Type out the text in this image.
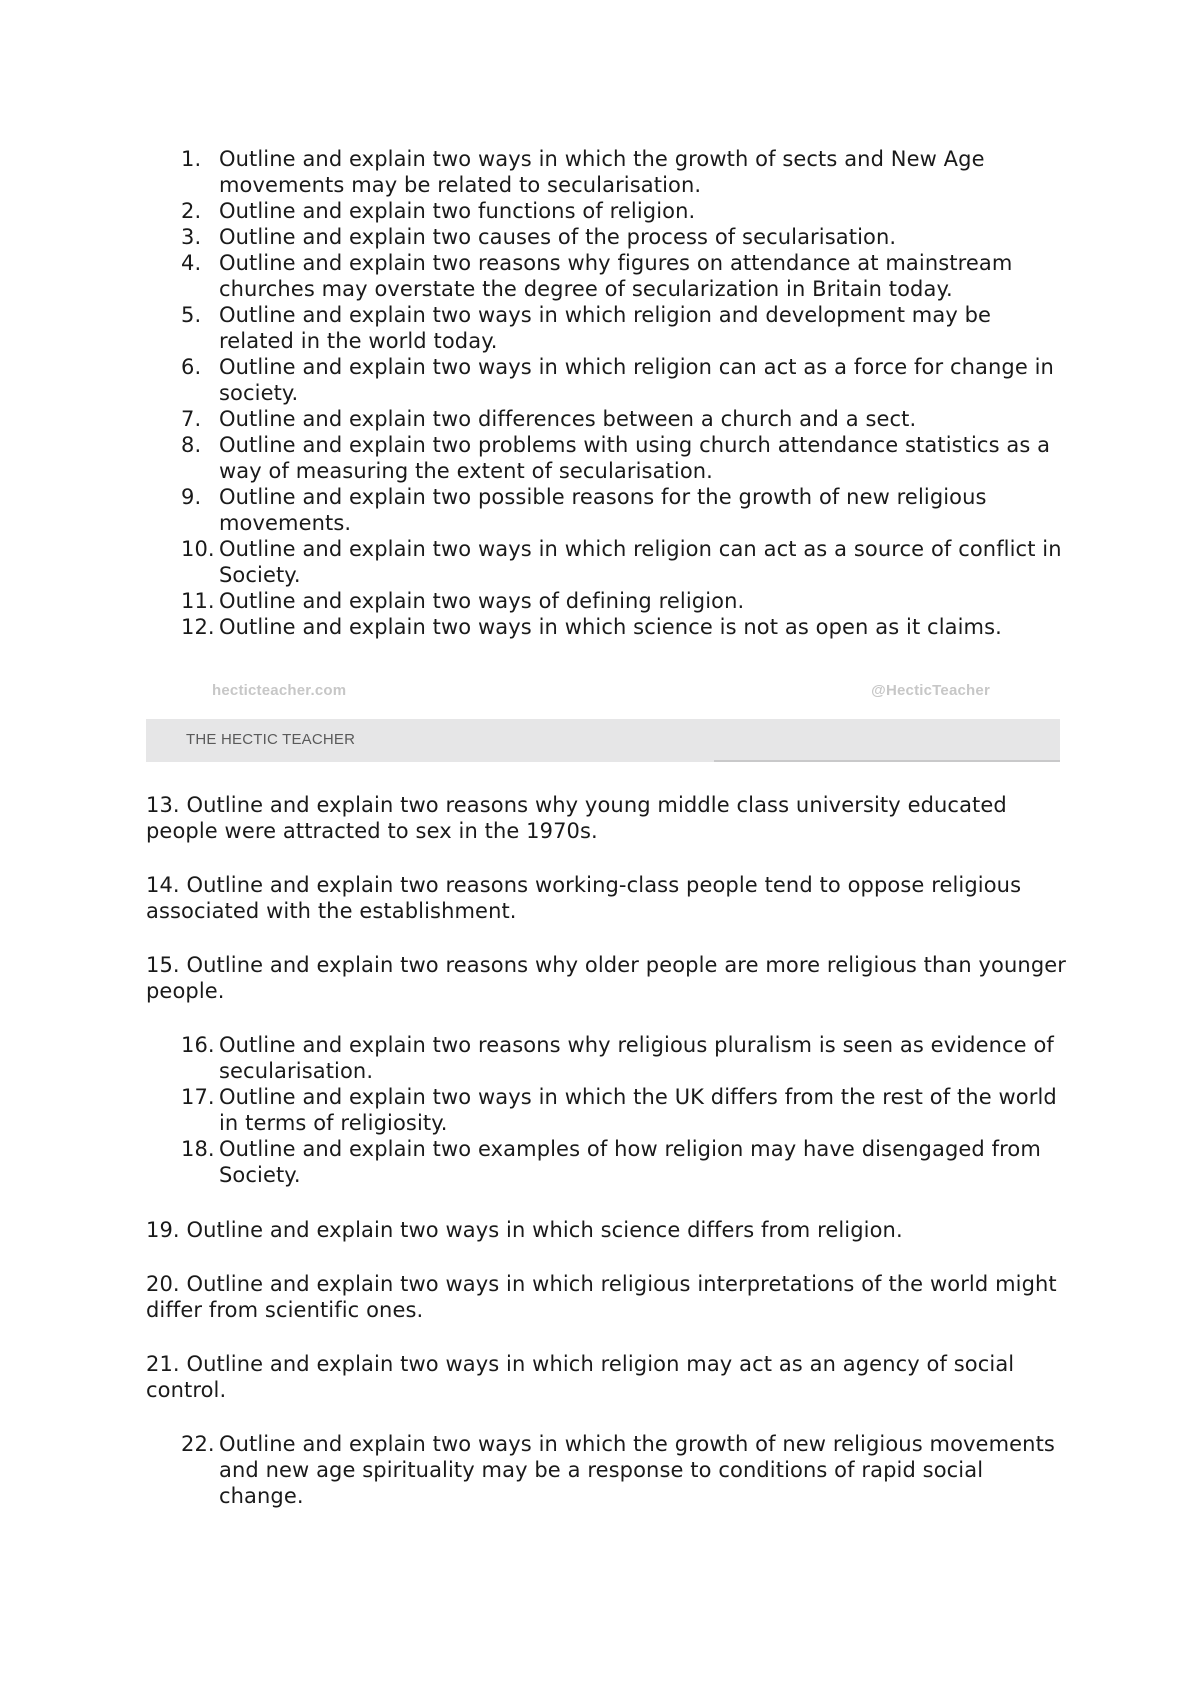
1. Outline and explain two ways in which the growth of sects and New Age movements may be related to secularisation.
2. Outline and explain two functions of religion.
3. Outline and explain two causes of the process of secularisation.
4. Outline and explain two reasons why figures on attendance at mainstream churches may overstate the degree of secularization in Britain today.
5. Outline and explain two ways in which religion and development may be related in the world today.
6. Outline and explain two ways in which religion can act as a force for change in society.
7. Outline and explain two differences between a church and a sect.
8. Outline and explain two problems with using church attendance statistics as a way of measuring the extent of secularisation.
9. Outline and explain two possible reasons for the growth of new religious movements.
10. Outline and explain two ways in which religion can act as a source of conflict in Society.
11. Outline and explain two ways of defining religion.
12. Outline and explain two ways in which science is not as open as it claims.
hecticteacher.com	@HecticTeacher
THE HECTIC TEACHER

13. Outline and explain two reasons why young middle class university educated people were attracted to sex in the 1970s.

14. Outline and explain two reasons working-class people tend to oppose religious associated with the establishment.

15. Outline and explain two reasons why older people are more religious than younger people.

16. Outline and explain two reasons why religious pluralism is seen as evidence of secularisation.
17. Outline and explain two ways in which the UK differs from the rest of the world in terms of religiosity.
18. Outline and explain two examples of how religion may have disengaged from Society.

19. Outline and explain two ways in which science differs from religion.

20. Outline and explain two ways in which religious interpretations of the world might differ from scientific ones.

21. Outline and explain two ways in which religion may act as an agency of social control.

22. Outline and explain two ways in which the growth of new religious movements and new age spirituality may be a response to conditions of rapid social change.
